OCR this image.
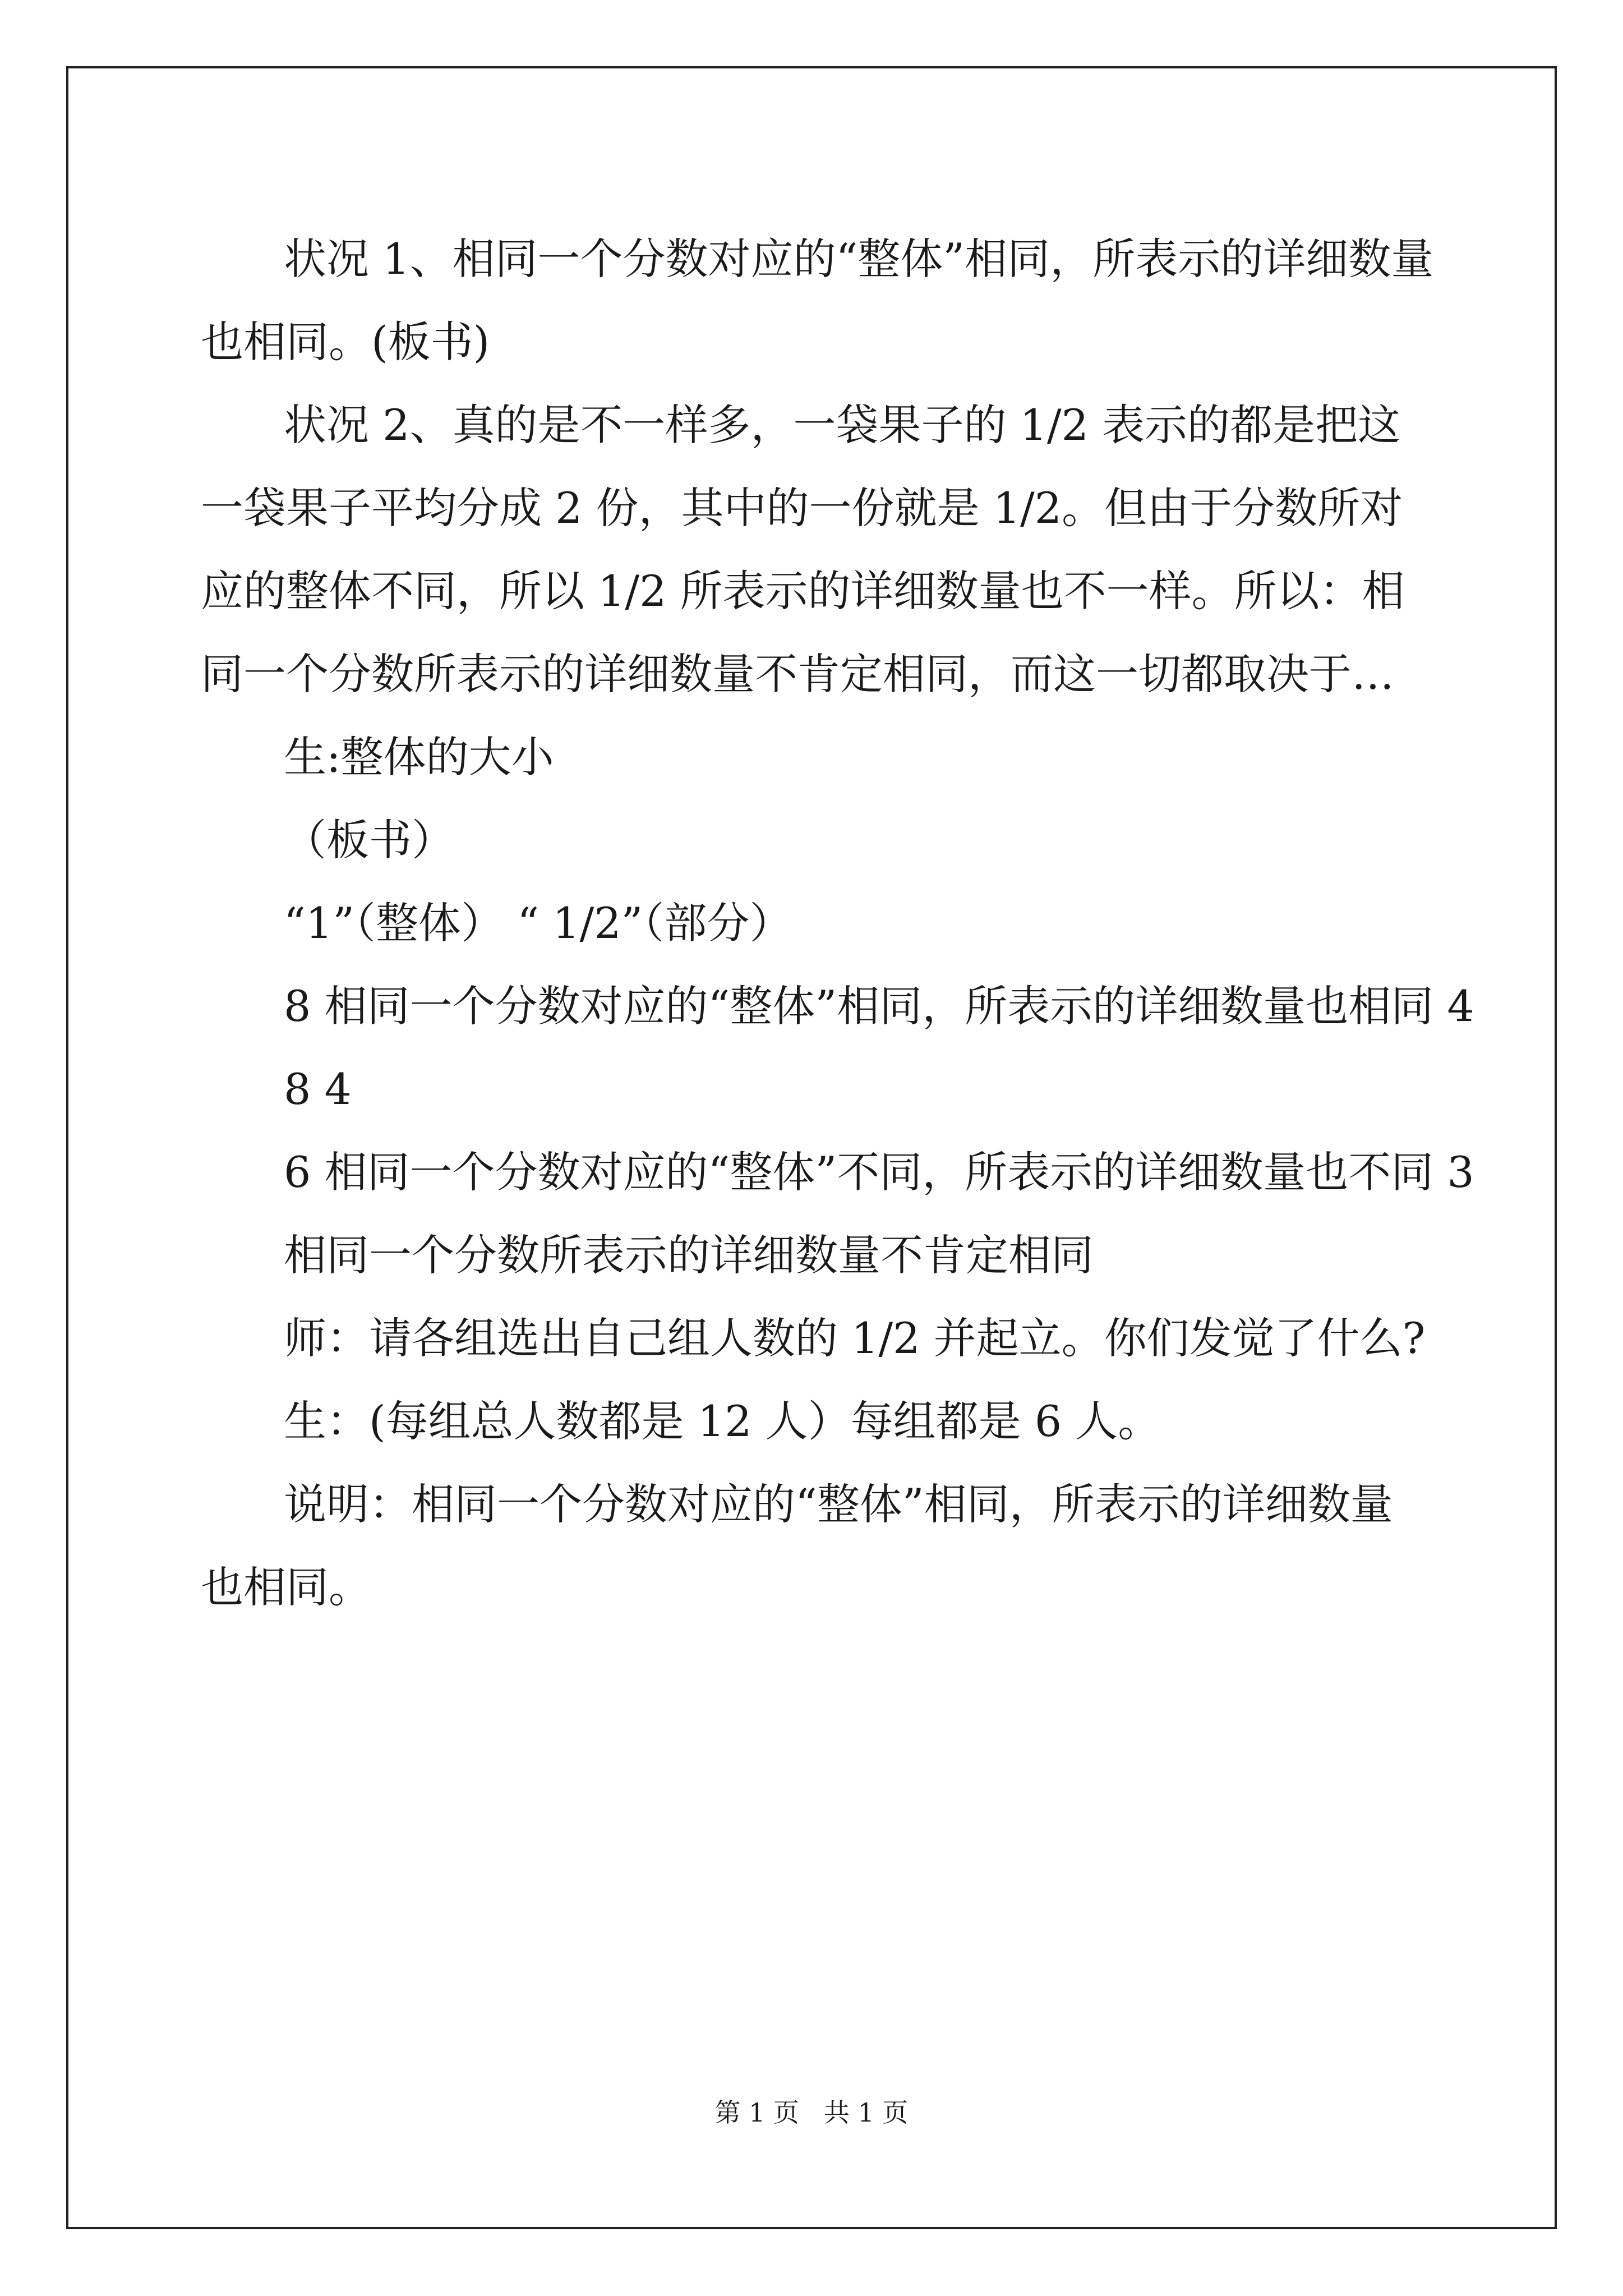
状况 1、相同一个分数对应的“整体”相同，所表示的详细数量也相同。(板书)

状况 2、真的是不一样多，一袋果子的 1/2 表示的都是把这一袋果子平均分成 2 份，其中的一份就是 1/2。但由于分数所对应的整体不同，所以 1/2 所表示的详细数量也不一样。所以：相同一个分数所表示的详细数量不肯定相同，而这一切都取决于…

生:整体的大小

（板书）

“1”（整体） “ 1/2”（部分）

8 相同一个分数对应的“整体”相同，所表示的详细数量也相同 4

8 4

6 相同一个分数对应的“整体”不同，所表示的详细数量也不同 3

相同一个分数所表示的详细数量不肯定相同

师：请各组选出自己组人数的 1/2 并起立。你们发觉了什么?

生：(每组总人数都是 12 人）每组都是 6 人。

说明：相同一个分数对应的“整体”相同，所表示的详细数量也相同。

第 1 页   共 1 页
